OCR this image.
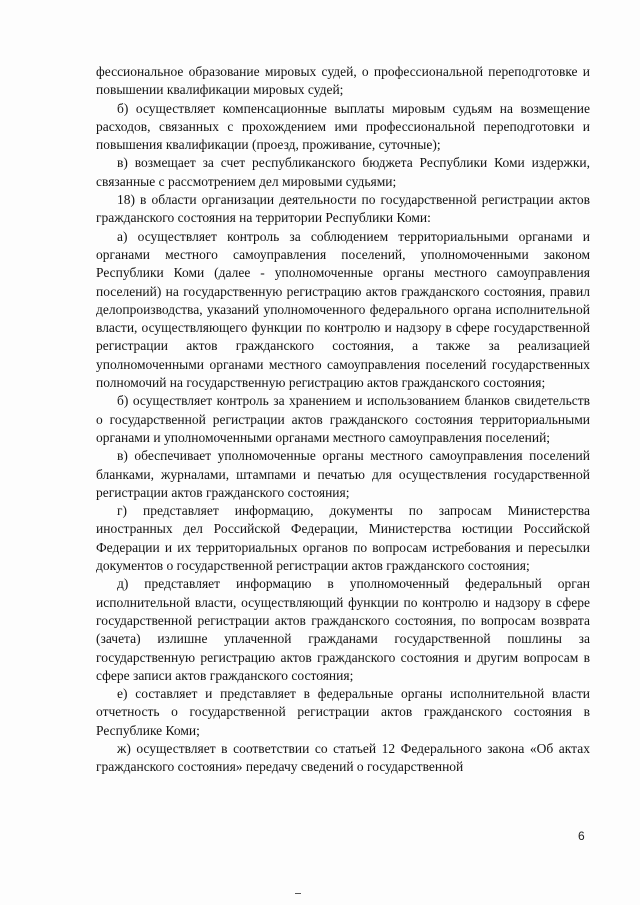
фессиональное образование мировых судей, о профессиональной переподготовке и повышении квалификации мировых судей;

б) осуществляет компенсационные выплаты мировым судьям на возмещение расходов, связанных с прохождением ими профессиональной переподготовки и повышения квалификации (проезд, проживание, суточные);

в) возмещает за счет республиканского бюджета Республики Коми издержки, связанные с рассмотрением дел мировыми судьями;

18) в области организации деятельности по государственной регистрации актов гражданского состояния на территории Республики Коми:

а) осуществляет контроль за соблюдением территориальными органами и органами местного самоуправления поселений, уполномоченными законом Республики Коми (далее - уполномоченные органы местного самоуправления поселений) на государственную регистрацию актов гражданского состояния, правил делопроизводства, указаний уполномоченного федерального органа исполнительной власти, осуществляющего функции по контролю и надзору в сфере государственной регистрации актов гражданского состояния, а также за реализацией уполномоченными органами местного самоуправления поселений государственных полномочий на государственную регистрацию актов гражданского состояния;

б) осуществляет контроль за хранением и использованием бланков свидетельств о государственной регистрации актов гражданского состояния территориальными органами и уполномоченными органами местного самоуправления поселений;

в) обеспечивает уполномоченные органы местного самоуправления поселений бланками, журналами, штампами и печатью для осуществления государственной регистрации актов гражданского состояния;

г) представляет информацию, документы по запросам Министерства иностранных дел Российской Федерации, Министерства юстиции Российской Федерации и их территориальных органов по вопросам истребования и пересылки документов о государственной регистрации актов гражданского состояния;

д) представляет информацию в уполномоченный федеральный орган исполнительной власти, осуществляющий функции по контролю и надзору в сфере государственной регистрации актов гражданского состояния, по вопросам возврата (зачета) излишне уплаченной гражданами государственной пошлины за государственную регистрацию актов гражданского состояния и другим вопросам в сфере записи актов гражданского состояния;

е) составляет и представляет в федеральные органы исполнительной власти отчетность о государственной регистрации актов гражданского состояния в Республике Коми;

ж) осуществляет в соответствии со статьей 12 Федерального закона «Об актах гражданского состояния» передачу сведений о государственной

6
